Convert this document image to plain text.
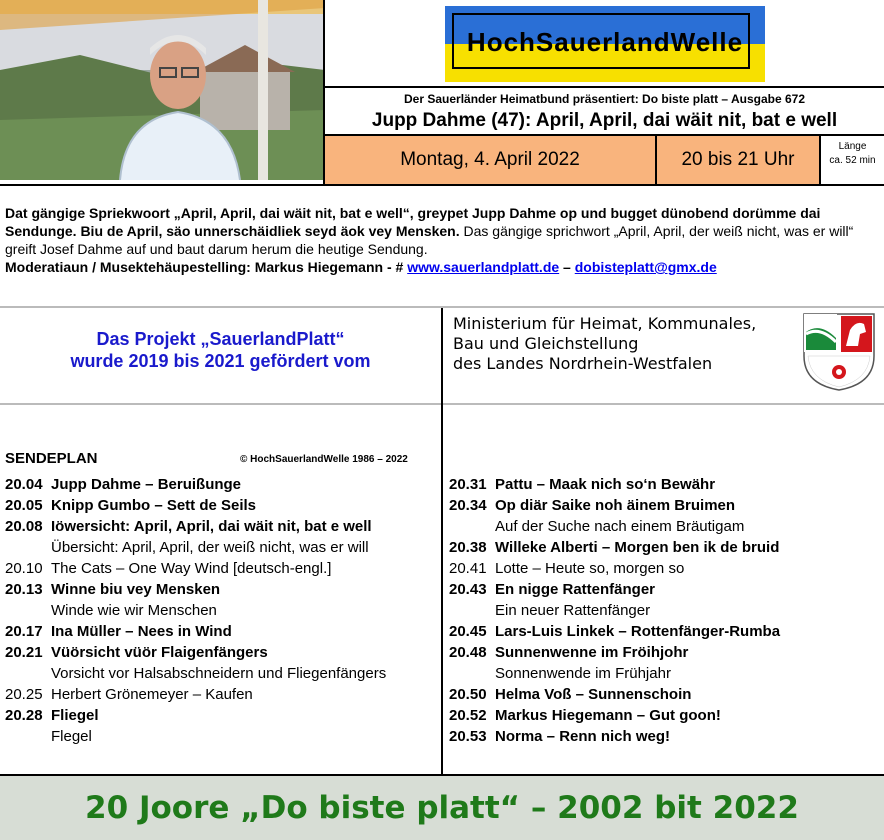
HochSauerlandWelle
Der Sauerländer Heimatbund präsentiert: Do biste platt – Ausgabe 672
Jupp Dahme (47): April, April, dai wäit nit, bat e well
Montag, 4. April 2022	20 bis 21 Uhr
Länge
ca. 52 min
Dat gängige Spriekwoort „April, April, dai wäit nit, bat e well“, greypet Jupp Dahme op und bugget dünobend dorümme dai Sendunge. Biu de April, säo unnerschäidliek seyd äok vey Mensken. Das gängige sprichwort „April, April, der weiß nicht, was er will“ greift Josef Dahme auf und baut darum herum die heutige Sendung.
Moderatiaun / Musektehäupestelling: Markus Hiegemann - # www.sauerlandplatt.de – dobisteplatt@gmx.de
Das Projekt „SauerlandPlatt“
wurde 2019 bis 2021 gefördert vom
Ministerium für Heimat, Kommunales,
Bau und Gleichstellung
des Landes Nordrhein-Westfalen
SENDEPLAN	© HochSauerlandWelle 1986 – 2022
20.04 Jupp Dahme – Beruißunge
20.05 Knipp Gumbo – Sett de Seils
20.08 Iöwersicht: April, April, dai wäit nit, bat e well
Übersicht: April, April, der weiß nicht, was er will
20.10 The Cats – One Way Wind [deutsch-engl.]
20.13 Winne biu vey Mensken
Winde wie wir Menschen
20.17 Ina Müller – Nees in Wind
20.21 Vüörsicht vüör Flaigenfängers
Vorsicht vor Halsabschneidern und Fliegenfängers
20.25 Herbert Grönemeyer – Kaufen
20.28 Fliegel
Flegel
20.31 Pattu – Maak nich so‘n Bewähr
20.34 Op diär Saike noh äinem Bruimen
Auf der Suche nach einem Bräutigam
20.38 Willeke Alberti – Morgen ben ik de bruid
20.41 Lotte – Heute so, morgen so
20.43 En nigge Rattenfänger
Ein neuer Rattenfänger
20.45 Lars-Luis Linkek – Rottenfänger-Rumba
20.48 Sunnenwenne im Fröihjohr
Sonnenwende im Frühjahr
20.50 Helma Voß – Sunnenschoin
20.52 Markus Hiegemann – Gut goon!
20.53 Norma – Renn nich weg!
20 Joore „Do biste platt“ – 2002 bit 2022
